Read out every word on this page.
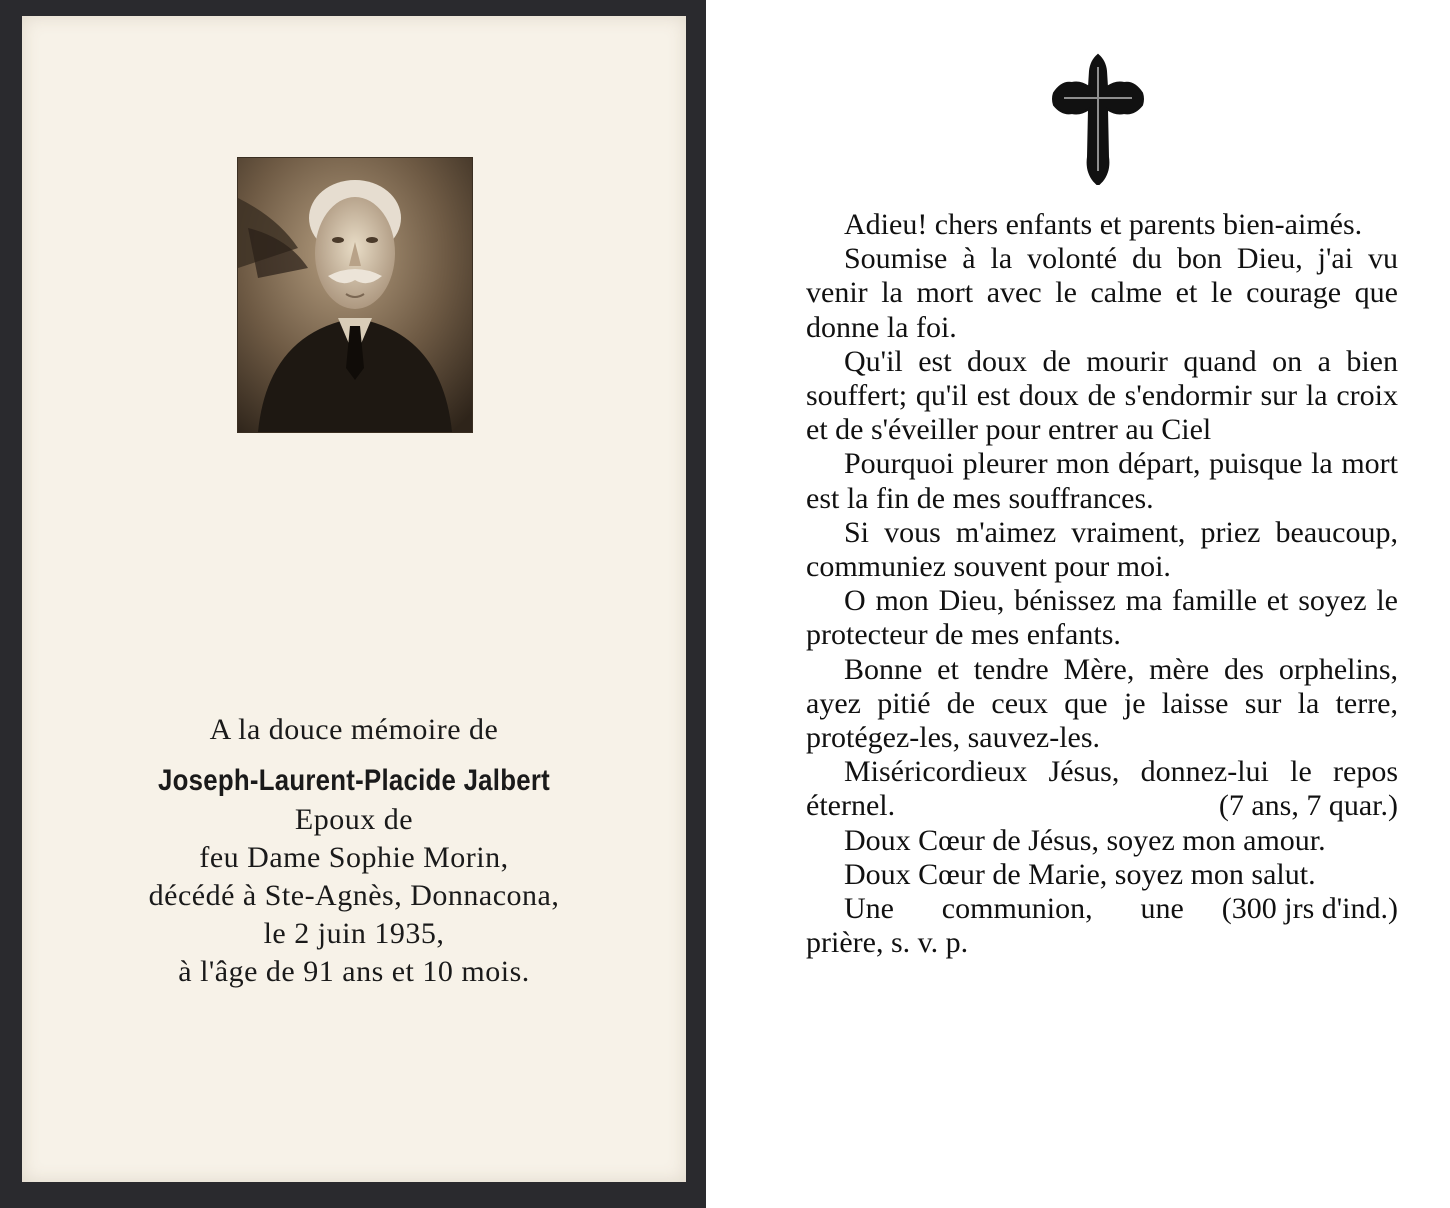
A la douce mémoire de
Joseph-Laurent-Placide Jalbert
Epoux de
feu Dame Sophie Morin,
décédé à Ste-Agnès, Donnacona,
le 2 juin 1935,
à l'âge de 91 ans et 10 mois.

Adieu! chers enfants et parents bien-aimés.

Soumise à la volonté du bon Dieu, j'ai vu venir la mort avec le calme et le courage que donne la foi.

Qu'il est doux de mourir quand on a bien souffert; qu'il est doux de s'endormir sur la croix et de s'éveiller pour entrer au Ciel

Pourquoi pleurer mon départ, puisque la mort est la fin de mes souffrances.

Si vous m'aimez vraiment, priez beaucoup, communiez souvent pour moi.

O mon Dieu, bénissez ma famille et soyez le protecteur de mes enfants.

Bonne et tendre Mère, mère des orphelins, ayez pitié de ceux que je laisse sur la terre, protégez-les, sauvez-les.

Miséricordieux Jésus, donnez-lui le repos éternel.	(7 ans, 7 quar.)

Doux Cœur de Jésus, soyez mon amour.

Doux Cœur de Marie, soyez mon salut.
(300 jrs d'ind.)

Une communion, une prière, s. v. p.
